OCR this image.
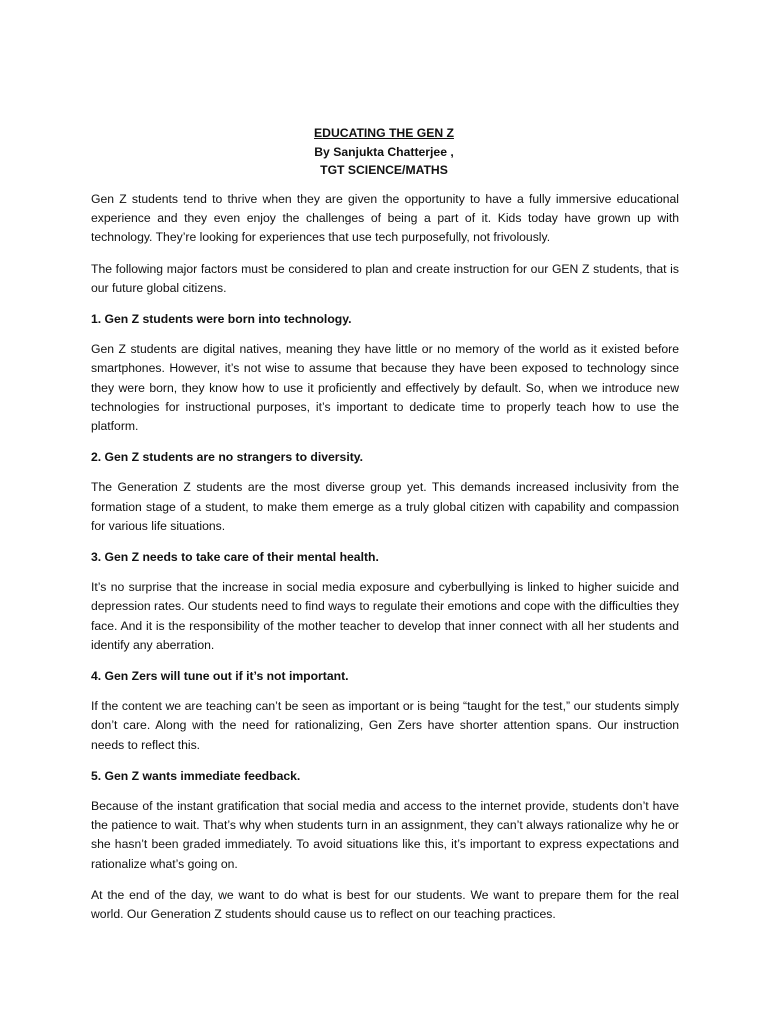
EDUCATING THE GEN Z
By Sanjukta Chatterjee ,
TGT SCIENCE/MATHS

Gen Z students tend to thrive when they are given the opportunity to have a fully immersive educational experience and they even enjoy the challenges of being a part of it. Kids today have grown up with technology. They’re looking for experiences that use tech purposefully, not frivolously.

The following major factors must be considered to plan and create instruction for our GEN Z students, that is our future global citizens.

1. Gen Z students were born into technology.

Gen Z students are digital natives, meaning they have little or no memory of the world as it existed before smartphones. However, it’s not wise to assume that because they have been exposed to technology since they were born, they know how to use it proficiently and effectively by default. So, when we introduce new technologies for instructional purposes, it’s important to dedicate time to properly teach how to use the platform.

2. Gen Z students are no strangers to diversity.

The Generation Z students are the most diverse group yet. This demands increased inclusivity from the formation stage of a student, to make them emerge as a truly global citizen with capability and compassion for various life situations.

3. Gen Z needs to take care of their mental health.

It’s no surprise that the increase in social media exposure and cyberbullying is linked to higher suicide and depression rates. Our students need to find ways to regulate their emotions and cope with the difficulties they face. And it is the responsibility of the mother teacher to develop that inner connect with all her students and identify any aberration.

4. Gen Zers will tune out if it’s not important.

If the content we are teaching can’t be seen as important or is being “taught for the test,” our students simply don’t care. Along with the need for rationalizing, Gen Zers have shorter attention spans. Our instruction needs to reflect this.

5. Gen Z wants immediate feedback.

Because of the instant gratification that social media and access to the internet provide, students don’t have the patience to wait. That’s why when students turn in an assignment, they can’t always rationalize why he or she hasn’t been graded immediately. To avoid situations like this, it’s important to express expectations and rationalize what’s going on.

At the end of the day, we want to do what is best for our students. We want to prepare them for the real world. Our Generation Z students should cause us to reflect on our teaching practices.
